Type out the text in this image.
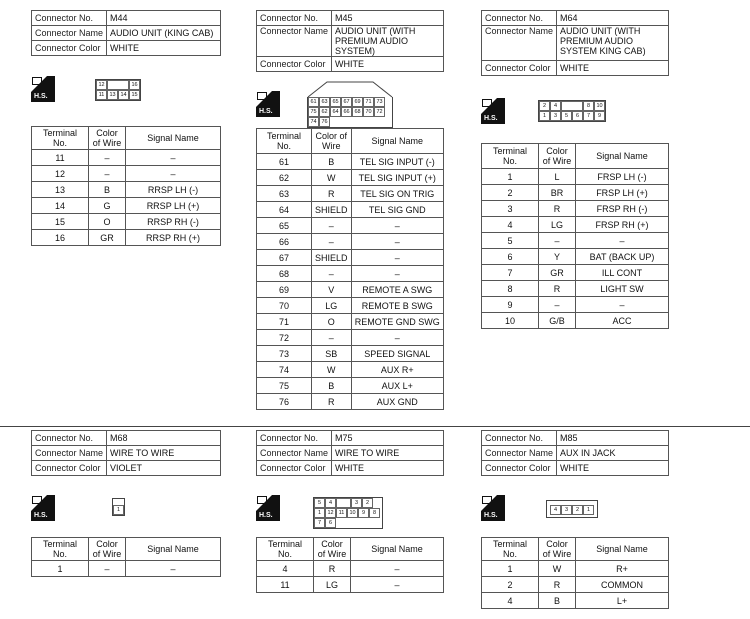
Connector No.	M44
Connector Name	AUDIO UNIT (KING CAB)
Connector Color	WHITE
H.S.
12	16
11 13 14 15
Terminal No.	Color of Wire	Signal Name
11	–	–
12	–	–
13	B	RRSP LH (-)
14	G	RRSP LH (+)
15	O	RRSP RH (-)
16	GR	RRSP RH (+)
Connector No.	M45
Connector Name	AUDIO UNIT (WITH PREMIUM AUDIO SYSTEM)
Connector Color	WHITE
H.S.
61 63 65 67 69 71 73
75 62 64 66 68 70 72
74 76
Terminal No.	Color of Wire	Signal Name
61	B	TEL SIG INPUT (-)
62	W	TEL SIG INPUT (+)
63	R	TEL SIG ON TRIG
64	SHIELD	TEL SIG GND
65	–	–
66	–	–
67	SHIELD	–
68	–	–
69	V	REMOTE A SWG
70	LG	REMOTE B SWG
71	O	REMOTE GND SWG
72	–	–
73	SB	SPEED SIGNAL
74	W	AUX R+
75	B	AUX L+
76	R	AUX GND
Connector No.	M64
Connector Name	AUDIO UNIT (WITH PREMIUM AUDIO SYSTEM KING CAB)
Connector Color	WHITE
H.S.
2	4	8	10
1	3	5	6	7	9
Terminal No.	Color of Wire	Signal Name
1	L	FRSP LH (-)
2	BR	FRSP LH (+)
3	R	FRSP RH (-)
4	LG	FRSP RH (+)
5	–	–
6	Y	BAT (BACK UP)
7	GR	ILL CONT
8	R	LIGHT SW
9	–	–
10	G/B	ACC
Connector No.	M68
Connector Name	WIRE TO WIRE
Connector Color	VIOLET
H.S.
1
Terminal No.	Color of Wire	Signal Name
1	–	–
Connector No.	M75
Connector Name	WIRE TO WIRE
Connector Color	WHITE
H.S.
5	4	3	2
1	12 11 10	9	8
7	6
Terminal No.	Color of Wire	Signal Name
4	R	–
11	LG	–
Connector No.	M85
Connector Name	AUX IN JACK
Connector Color	WHITE
H.S.
4	3	2	1
Terminal No.	Color of Wire	Signal Name
1	W	R+
2	R	COMMON
4	B	L+
